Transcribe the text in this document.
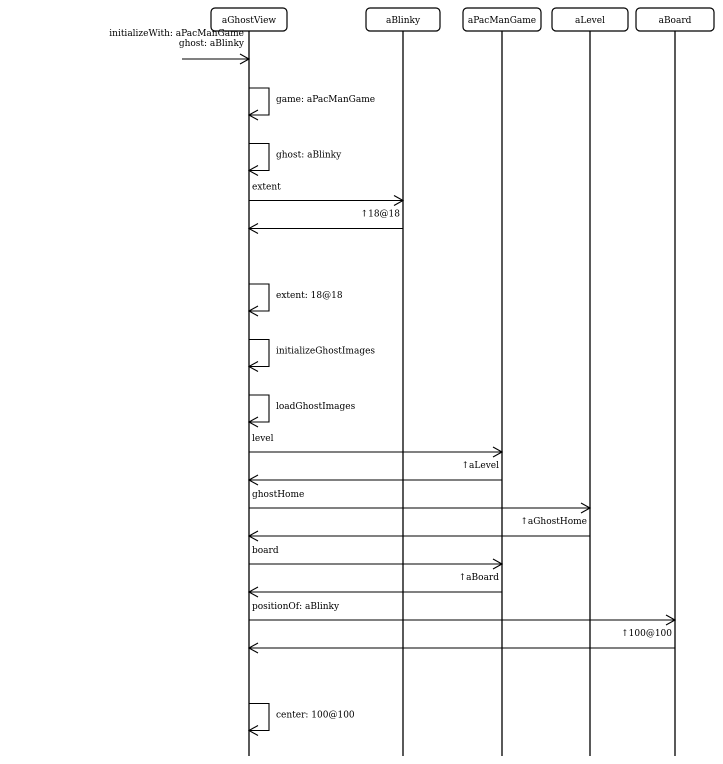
aGhostView	aBlinky	aPacManGame	aLevel	aBoard
initializeWith: aPacManGame
ghost: aBlinky
game: aPacManGame
ghost: aBlinky
extent
↑18@18
extent: 18@18
initializeGhostImages
loadGhostImages
level
↑aLevel
ghostHome
↑aGhostHome
board
↑aBoard
positionOf: aBlinky
↑100@100
center: 100@100
